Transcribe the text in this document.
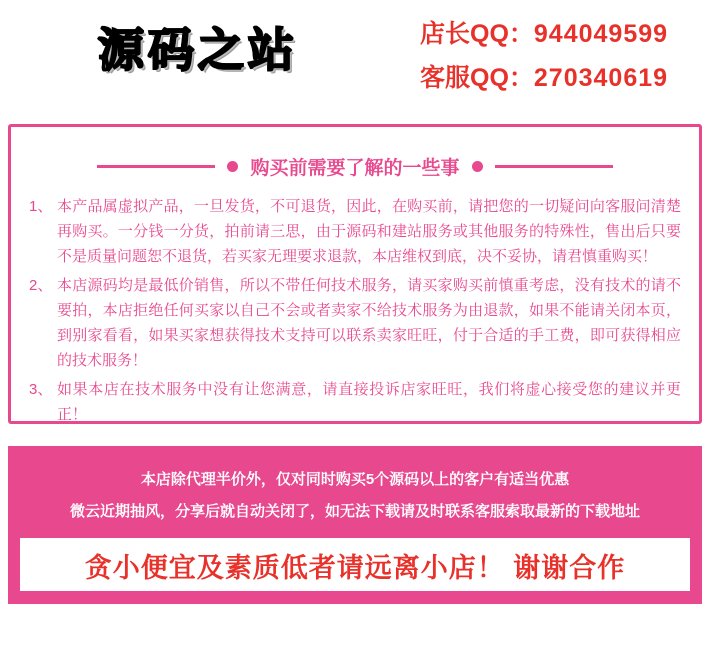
源码之站	店长QQ：944049599
客服QQ：270340619
购买前需要了解的一些事
1、 本产品属虚拟产品，一旦发货，不可退货，因此，在购买前，请把您的一切疑问向客服问清楚再购买。一分钱一分货，拍前请三思，由于源码和建站服务或其他服务的特殊性，售出后只要不是质量问题恕不退货，若买家无理要求退款，本店维权到底，决不妥协，请君慎重购买！
2、 本店源码均是最低价销售，所以不带任何技术服务，请买家购买前慎重考虑，没有技术的请不要拍，本店拒绝任何买家以自己不会或者卖家不给技术服务为由退款，如果不能请关闭本页，到别家看看，如果买家想获得技术支持可以联系卖家旺旺，付于合适的手工费，即可获得相应的技术服务！
3、 如果本店在技术服务中没有让您满意，请直接投诉店家旺旺，我们将虚心接受您的建议并更正！
本店除代理半价外，仅对同时购买5个源码以上的客户有适当优惠
微云近期抽风，分享后就自动关闭了，如无法下载请及时联系客服索取最新的下载地址
贪小便宜及素质低者请远离小店！ 谢谢合作
